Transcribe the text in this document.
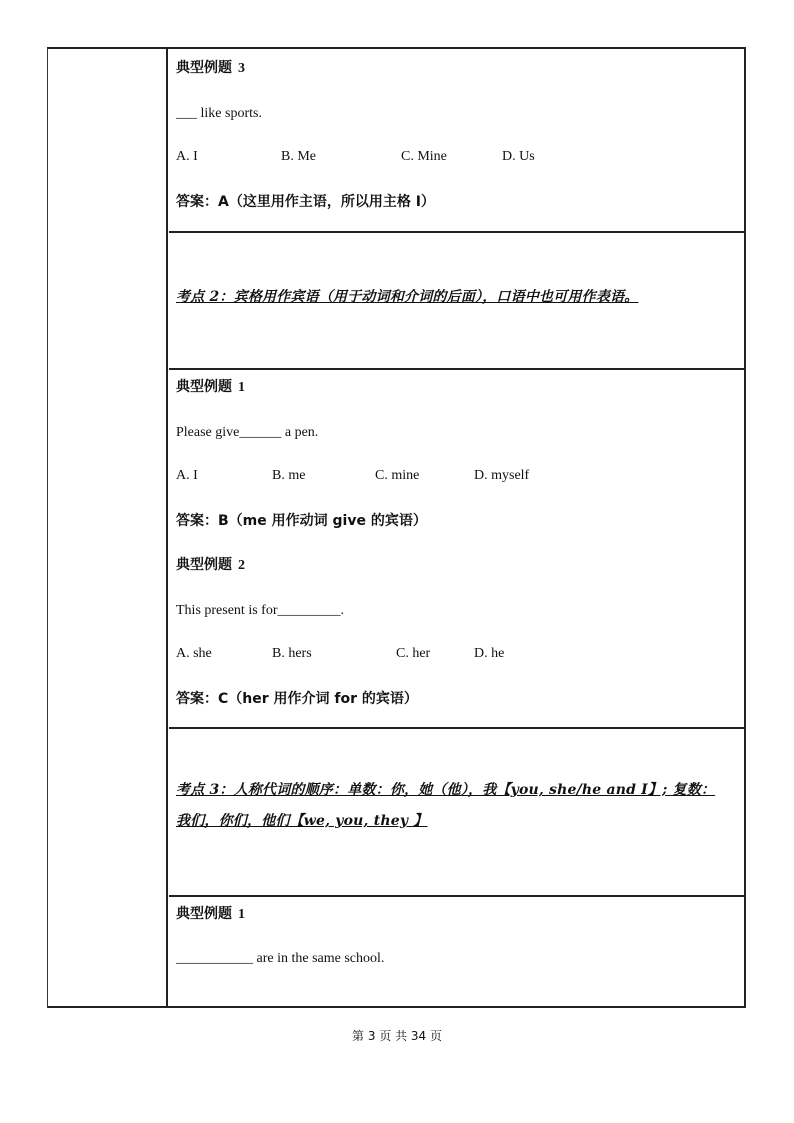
典型例题 3
___ like sports.
A. I	B. Me	C. Mine	D. Us
答案：A（这里用作主语，所以用主格 I）
考点 2：宾格用作宾语（用于动词和介词的后面），口语中也可用作表语。
典型例题 1
Please give______ a pen.
A. I	B. me	C. mine	D. myself
答案：B（me 用作动词 give 的宾语）
典型例题 2
This present is for_________.
A. she	B. hers	C. her	D. he
答案：C（her 用作介词 for 的宾语）
考点 3：人称代词的顺序：单数：你，她（他），我【you, she/he and I】; 复数：
我们，你们，他们【we, you, they 】
典型例题 1
___________ are in the same school.
第 3 页 共 34 页
